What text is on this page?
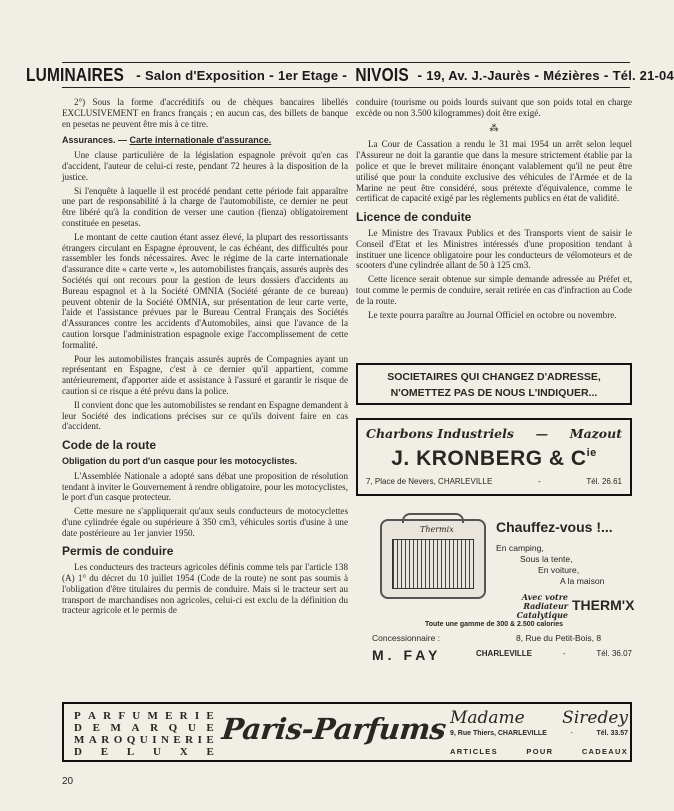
LUMINAIRES - Salon d'Exposition - 1er Etage - NIVOIS - 19, Av. J.-Jaurès - Mézières - Tél. 21-04

2°) Sous la forme d'accréditifs ou de chèques bancaires libellés EXCLUSIVEMENT en francs français ; en aucun cas, des billets de banque en pesetas ne peuvent être mis à ce titre.

Assurances. — Carte internationale d'assurance.

Une clause particulière de la législation espagnole prévoit qu'en cas d'accident, l'auteur de celui-ci reste, pendant 72 heures à la disposition de la justice.

Si l'enquête à laquelle il est procédé pendant cette période fait apparaître une part de responsabilité à la charge de l'automobiliste, ce dernier ne peut être libéré qu'à la condition de verser une caution (fienza) obligatoirement constituée en pesetas.

Le montant de cette caution étant assez élevé, la plupart des ressortissants étrangers circulant en Espagne éprouvent, le cas échéant, des difficultés pour rassembler les fonds nécessaires. Avec le régime de la carte internationale d'assurance dite « carte verte », les automobilistes français, assurés auprès des Sociétés qui ont recours pour la gestion de leurs dossiers d'accidents au Bureau espagnol et à la Société OMNIA (Société gérante de ce bureau) peuvent obtenir de la Société OMNIA, sur présentation de leur carte verte, l'aide et l'assistance prévues par le Bureau Central Français des Sociétés d'Assurances contre les accidents d'Automobiles, ainsi que l'avance de la caution lorsque l'administration espagnole exige l'accomplissement de cette formalité.

Pour les automobilistes français assurés auprès de Compagnies ayant un représentant en Espagne, c'est à ce dernier qu'il appartient, comme antérieurement, d'apporter aide et assistance à l'assuré et garantir le risque de caution si ce risque a été prévu dans la police.

Il convient donc que les automobilistes se rendant en Espagne demandent à leur Société des indications précises sur ce qu'ils doivent faire en cas d'accident.

Code de la route
Obligation du port d'un casque pour les motocyclistes.

L'Assemblée Nationale a adopté sans débat une proposition de résolution tendant à inviter le Gouvernement à rendre obligatoire, pour les motocyclistes, le port d'un casque protecteur.

Cette mesure ne s'appliquerait qu'aux seuls conducteurs de motocyclettes d'une cylindrée égale ou supérieure à 350 cm3, véhicules sortis d'usine à une date postérieure au 1er janvier 1950.

Permis de conduire

Les conducteurs des tracteurs agricoles définis comme tels par l'article 138 (A) 1° du décret du 10 juillet 1954 (Code de la route) ne sont pas soumis à l'obligation d'être titulaires du permis de conduire. Mais si le tracteur sert au transport de marchandises non agricoles, celui-ci est exclu de la définition du tracteur agricole et le permis de

conduire (tourisme ou poids lourds suivant que son poids total en charge excède ou non 3.500 kilogrammes) doit être exigé.

⁂

La Cour de Cassation a rendu le 31 mai 1954 un arrêt selon lequel l'Assureur ne doit la garantie que dans la mesure strictement établie par la police et que le brevet militaire énonçant valablement qu'il ne peut être utilisé que pour la conduite exclusive des véhicules de l'Armée et de la Marine ne peut être considéré, sous prétexte d'équivalence, comme le certificat de capacité exigé par les règlements publics en état de validité.

Licence de conduite

Le Ministre des Travaux Publics et des Transports vient de saisir le Conseil d'Etat et les Ministres intéressés d'une proposition tendant à instituer une licence obligatoire pour les conducteurs de vélomoteurs et de scooters d'une cylindrée allant de 50 à 125 cm3.

Cette licence serait obtenue sur simple demande adressée au Préfet et, tout comme le permis de conduire, serait retirée en cas d'infraction au Code de la route.

Le texte pourra paraître au Journal Officiel en octobre ou novembre.

SOCIETAIRES QUI CHANGEZ D'ADRESSE,
N'OMETTEZ PAS DE NOUS L'INDIQUER...
Charbons Industriels — Mazout
J. KRONBERG & $C^{ie}$
7, Place de Nevers, CHARLEVILLE	-	Tél. 26.61
Thermix	Chauffez-vous !...
En camping,
Sous la tente,
En voiture,
A la maison
Avec votre Radiateur Catalytique
THERM'X
Toute une gamme de 300 & 2.500 calories
Concessionnaire :	8, Rue du Petit-Bois, 8
M. FAY	CHARLEVILLE	-	Tél. 36.07
P A R F U M E R I E
D E M A R Q U E
M A R O Q U I N E R I E
D E L U X E
Paris-Parfums Madame Siredey
9, Rue Thiers, CHARLEVILLE	-	Tél. 33.57
ARTICLES	POUR	CADEAUX
20
